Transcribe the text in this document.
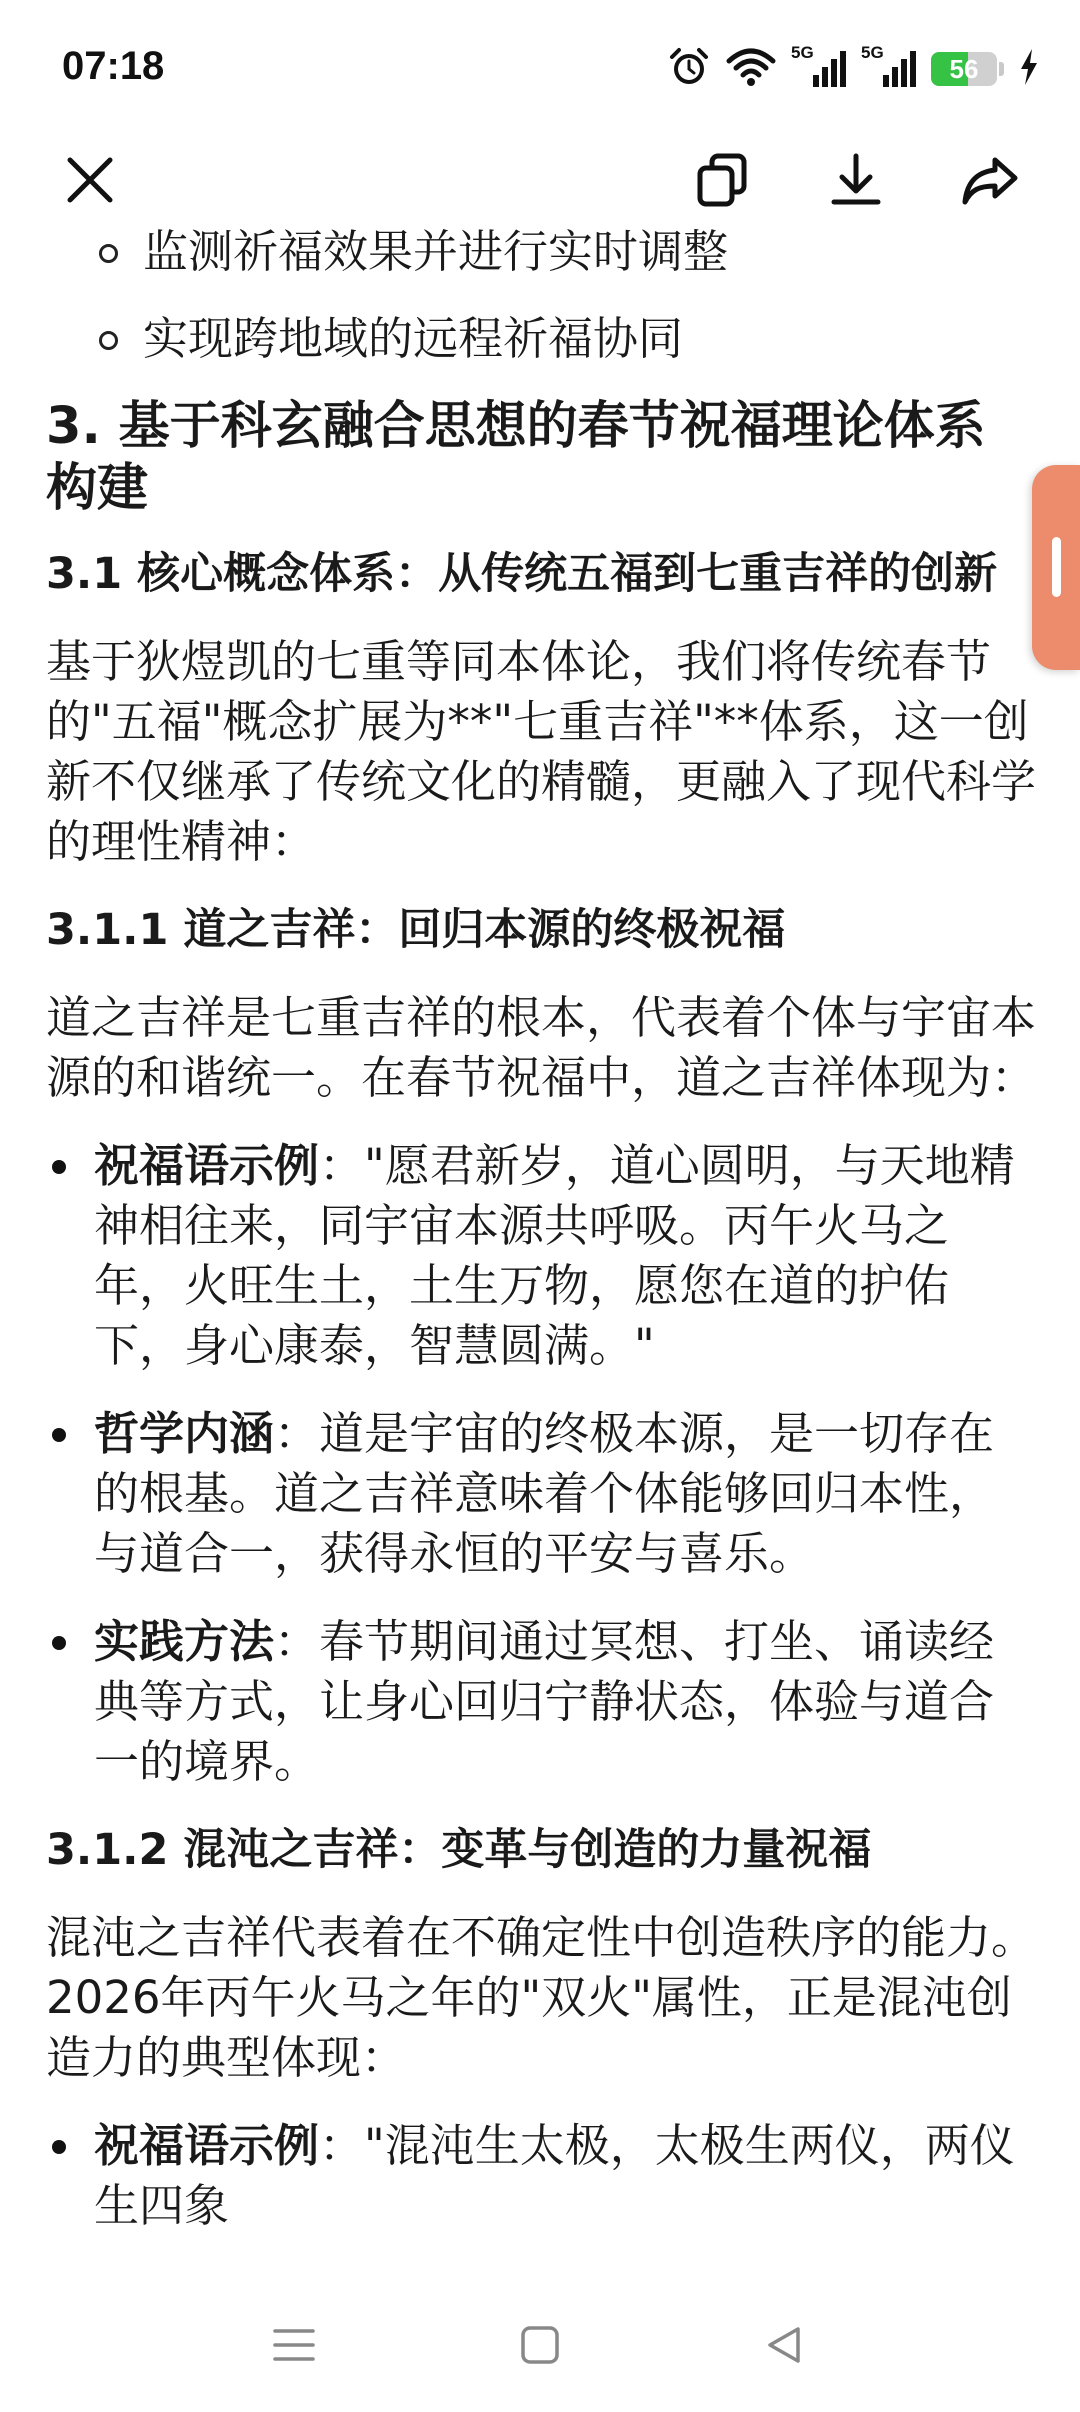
07:18	5G	5G
56
监测祈福效果并进行实时调整
实现跨地域的远程祈福协同
3. 基于科玄融合思想的春节祝福理论体系构建
3.1 核心概念体系：从传统五福到七重吉祥的创新

基于狄煜凯的七重等同本体论，我们将传统春节的"五福"概念扩展为**"七重吉祥"**体系，这一创新不仅继承了传统文化的精髓，更融入了现代科学的理性精神：

3.1.1 道之吉祥：回归本源的终极祝福

道之吉祥是七重吉祥的根本，代表着个体与宇宙本源的和谐统一。在春节祝福中，道之吉祥体现为：

祝福语示例："愿君新岁，道心圆明，与天地精神相往来，同宇宙本源共呼吸。丙午火马之年，火旺生土，土生万物，愿您在道的护佑下，身心康泰，智慧圆满。"
哲学内涵：道是宇宙的终极本源，是一切存在的根基。道之吉祥意味着个体能够回归本性，与道合一，获得永恒的平安与喜乐。
实践方法：春节期间通过冥想、打坐、诵读经典等方式，让身心回归宁静状态，体验与道合一的境界。
3.1.2 混沌之吉祥：变革与创造的力量祝福

混沌之吉祥代表着在不确定性中创造秩序的能力。2026年丙午火马之年的"双火"属性，正是混沌创造力的典型体现：

祝福语示例："混沌生太极，太极生两仪，两仪生四象
